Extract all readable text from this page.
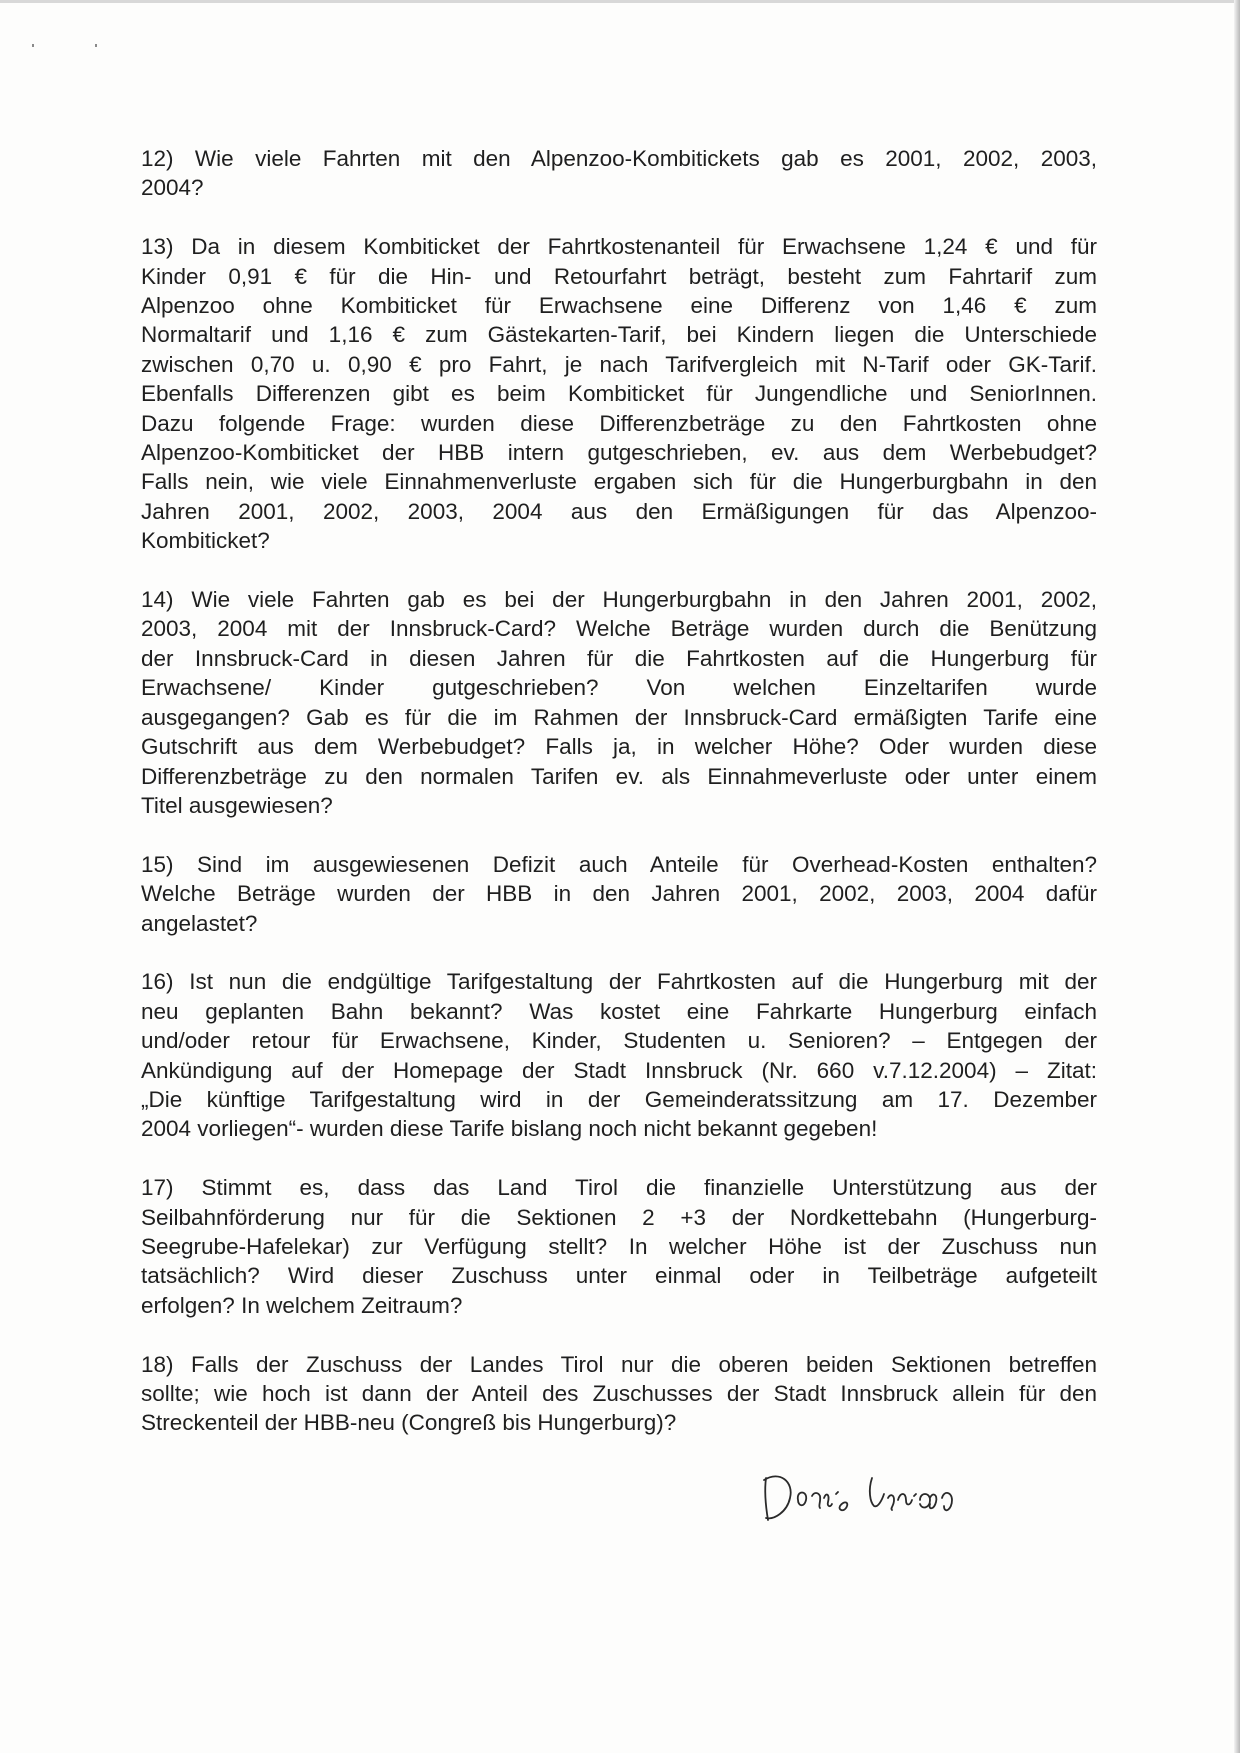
12) Wie viele Fahrten mit den Alpenzoo-Kombitickets gab es 2001, 2002, 2003,
2004?

13) Da in diesem Kombiticket der Fahrtkostenanteil für Erwachsene 1,24 € und für
Kinder 0,91 € für die Hin- und Retourfahrt beträgt, besteht zum Fahrtarif zum
Alpenzoo ohne Kombiticket für Erwachsene eine Differenz von 1,46 € zum
Normaltarif und 1,16 € zum Gästekarten-Tarif, bei Kindern liegen die Unterschiede
zwischen 0,70 u. 0,90 € pro Fahrt, je nach Tarifvergleich mit N-Tarif oder GK-Tarif.
Ebenfalls Differenzen gibt es beim Kombiticket für Jungendliche und SeniorInnen.
Dazu folgende Frage: wurden diese Differenzbeträge zu den Fahrtkosten ohne
Alpenzoo-Kombiticket der HBB intern gutgeschrieben, ev. aus dem Werbebudget?
Falls nein, wie viele Einnahmenverluste ergaben sich für die Hungerburgbahn in den
Jahren 2001, 2002, 2003, 2004 aus den Ermäßigungen für das Alpenzoo-
Kombiticket?

14) Wie viele Fahrten gab es bei der Hungerburgbahn in den Jahren 2001, 2002,
2003, 2004 mit der Innsbruck-Card? Welche Beträge wurden durch die Benützung
der Innsbruck-Card in diesen Jahren für die Fahrtkosten auf die Hungerburg für
Erwachsene/ Kinder gutgeschrieben? Von welchen Einzeltarifen wurde
ausgegangen? Gab es für die im Rahmen der Innsbruck-Card ermäßigten Tarife eine
Gutschrift aus dem Werbebudget? Falls ja, in welcher Höhe? Oder wurden diese
Differenzbeträge zu den normalen Tarifen ev. als Einnahmeverluste oder unter einem
Titel ausgewiesen?

15) Sind im ausgewiesenen Defizit auch Anteile für Overhead-Kosten enthalten?
Welche Beträge wurden der HBB in den Jahren 2001, 2002, 2003, 2004 dafür
angelastet?

16) Ist nun die endgültige Tarifgestaltung der Fahrtkosten auf die Hungerburg mit der
neu geplanten Bahn bekannt? Was kostet eine Fahrkarte Hungerburg einfach
und/oder retour für Erwachsene, Kinder, Studenten u. Senioren? – Entgegen der
Ankündigung auf der Homepage der Stadt Innsbruck (Nr. 660 v.7.12.2004) – Zitat:
„Die künftige Tarifgestaltung wird in der Gemeinderatssitzung am 17. Dezember
2004 vorliegen“- wurden diese Tarife bislang noch nicht bekannt gegeben!

17) Stimmt es, dass das Land Tirol die finanzielle Unterstützung aus der
Seilbahnförderung nur für die Sektionen 2 +3 der Nordkettebahn (Hungerburg-
Seegrube-Hafelekar) zur Verfügung stellt? In welcher Höhe ist der Zuschuss nun
tatsächlich? Wird dieser Zuschuss unter einmal oder in Teilbeträge aufgeteilt
erfolgen? In welchem Zeitraum?

18) Falls der Zuschuss der Landes Tirol nur die oberen beiden Sektionen betreffen
sollte; wie hoch ist dann der Anteil des Zuschusses der Stadt Innsbruck allein für den
Streckenteil der HBB-neu (Congreß bis Hungerburg)?
